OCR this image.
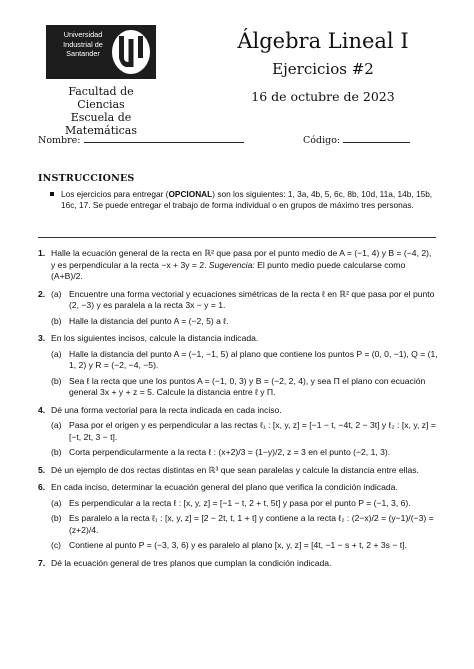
Universidad
Industrial de
Santander
Facultad de Ciencias
Escuela de Matemáticas
Álgebra Lineal I
Ejercicios #2
16 de octubre de 2023
Nombre:	Código:
INSTRUCCIONES
Los ejercicios para entregar (OPCIONAL) son los siguientes: 1, 3a, 4b, 5, 6c, 8b, 10d, 11a, 14b, 15b, 16c, 17. Se puede entregar el trabajo de forma individual o en grupos de máximo tres personas.
1. Halle la ecuación general de la recta en ℝ² que pasa por el punto medio de A = (−1, 4) y B = (−4, 2), y es perpendicular a la recta −x + 3y = 2. Sugerencia: El punto medio puede calcularse como (A+B)/2.
2. (a) Encuentre una forma vectorial y ecuaciones simétricas de la recta ℓ en ℝ² que pasa por el punto (2, −3) y es paralela a la recta 3x − y = 1.
(b) Halle la distancia del punto A = (−2, 5) a ℓ.
3. En los siguientes incisos, calcule la distancia indicada.
(a) Halle la distancia del punto A = (−1, −1, 5) al plano que contiene los puntos P = (0, 0, −1), Q = (1, 1, 2) y R = (−2, −4, −5).
(b) Sea ℓ la recta que une los puntos A = (−1, 0, 3) y B = (−2, 2, 4), y sea Π el plano con ecuación general 3x + y + z = 5. Calcule la distancia entre ℓ y Π.
4. Dé una forma vectorial para la recta indicada en cada inciso.
(a) Pasa por el origen y es perpendicular a las rectas ℓ₁ : [x, y, z] = [−1 − t, −4t, 2 − 3t] y ℓ₂ : [x, y, z] = [−t, 2t, 3 − t].
(b) Corta perpendicularmente a la recta ℓ : (x+2)/3 = (1−y)/2, z = 3 en el punto (−2, 1, 3).
5. Dé un ejemplo de dos rectas distintas en ℝ³ que sean paralelas y calcule la distancia entre ellas.
6. En cada inciso, determinar la ecuación general del plano que verifica la condición indicada.
(a) Es perpendicular a la recta ℓ : [x, y, z] = [−1 − t, 2 + t, 5t] y pasa por el punto P = (−1, 3, 6).
(b) Es paralelo a la recta ℓ₁ : [x, y, z] = [2 − 2t, t, 1 + t] y contiene a la recta ℓ₂ : (2−x)/2 = (y−1)/(−3) = (z+2)/4.
(c) Contiene al punto P = (−3, 3, 6) y es paralelo al plano [x, y, z] = [4t, −1 − s + t, 2 + 3s − t].
7. Dé la ecuación general de tres planos que cumplan la condición indicada.
